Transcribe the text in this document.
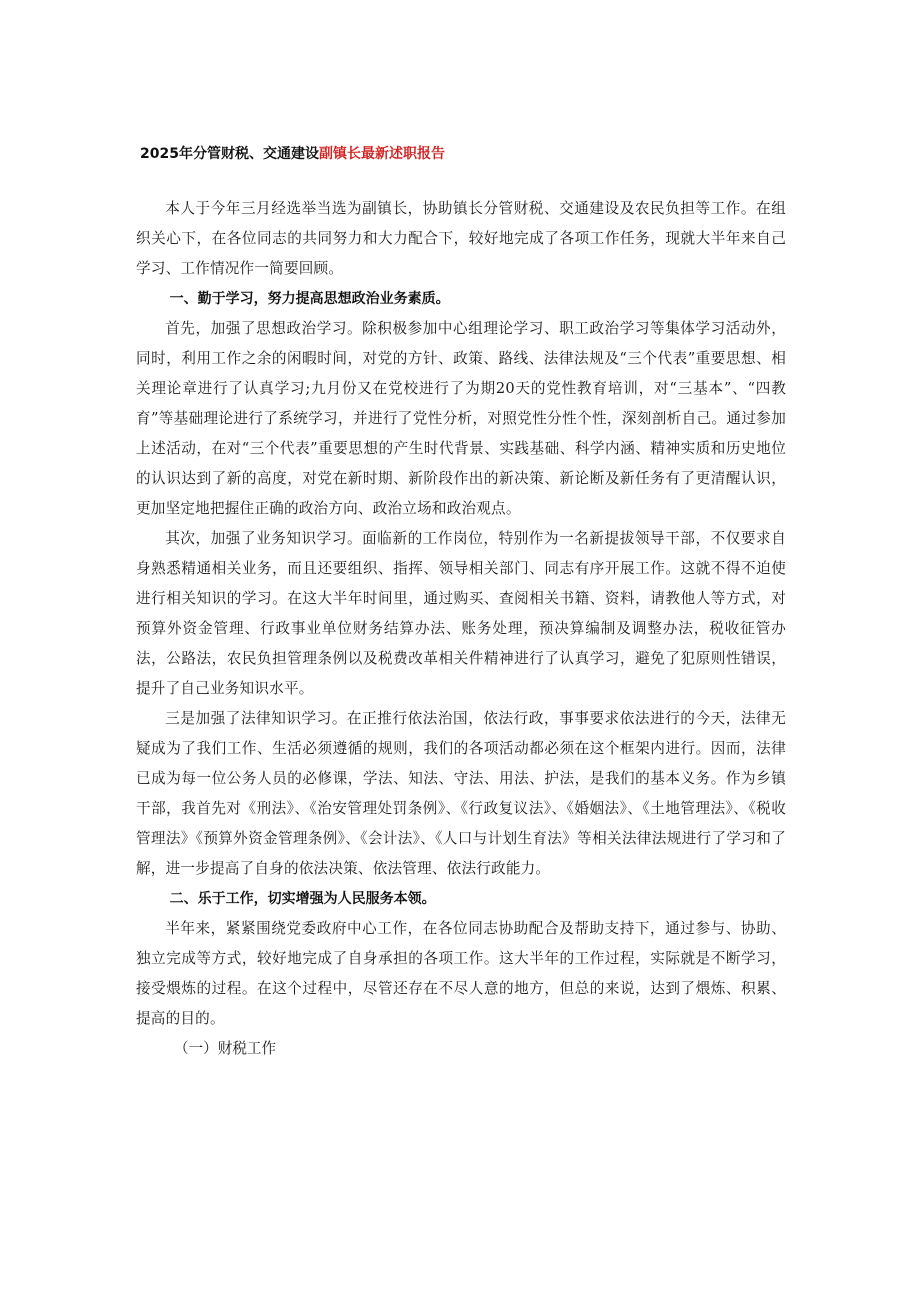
2025年分管财税、交通建设副镇长最新述职报告

本人于今年三月经选举当选为副镇长，协助镇长分管财税、交通建设及农民负担等工作。在组织关心下，在各位同志的共同努力和大力配合下，较好地完成了各项工作任务，现就大半年来自己学习、工作情况作一简要回顾。

一、勤于学习，努力提高思想政治业务素质。

首先，加强了思想政治学习。除积极参加中心组理论学习、职工政治学习等集体学习活动外，同时，利用工作之余的闲暇时间，对党的方针、政策、路线、法律法规及“三个代表”重要思想、相关理论章进行了认真学习;九月份又在党校进行了为期20天的党性教育培训，对“三基本”、“四教育”等基础理论进行了系统学习，并进行了党性分析，对照党性分性个性，深刻剖析自己。通过参加上述活动，在对“三个代表”重要思想的产生时代背景、实践基础、科学内涵、精神实质和历史地位的认识达到了新的高度，对党在新时期、新阶段作出的新决策、新论断及新任务有了更清醒认识，更加坚定地把握住正确的政治方向、政治立场和政治观点。

其次，加强了业务知识学习。面临新的工作岗位，特别作为一名新提拔领导干部，不仅要求自身熟悉精通相关业务，而且还要组织、指挥、领导相关部门、同志有序开展工作。这就不得不迫使进行相关知识的学习。在这大半年时间里，通过购买、查阅相关书籍、资料，请教他人等方式，对预算外资金管理、行政事业单位财务结算办法、账务处理，预决算编制及调整办法，税收征管办法，公路法，农民负担管理条例以及税费改革相关件精神进行了认真学习，避免了犯原则性错误，提升了自己业务知识水平。

三是加强了法律知识学习。在正推行依法治国，依法行政，事事要求依法进行的今天，法律无疑成为了我们工作、生活必须遵循的规则，我们的各项活动都必须在这个框架内进行。因而，法律已成为每一位公务人员的必修课，学法、知法、守法、用法、护法，是我们的基本义务。作为乡镇干部，我首先对《刑法》、《治安管理处罚条例》、《行政复议法》、《婚姻法》、《土地管理法》、《税收管理法》《预算外资金管理条例》、《会计法》、《人口与计划生育法》等相关法律法规进行了学习和了解，进一步提高了自身的依法决策、依法管理、依法行政能力。

二、乐于工作，切实增强为人民服务本领。

半年来，紧紧围绕党委政府中心工作，在各位同志协助配合及帮助支持下，通过参与、协助、独立完成等方式，较好地完成了自身承担的各项工作。这大半年的工作过程，实际就是不断学习，接受煨炼的过程。在这个过程中，尽管还存在不尽人意的地方，但总的来说，达到了煨炼、积累、提高的目的。

（一）财税工作
